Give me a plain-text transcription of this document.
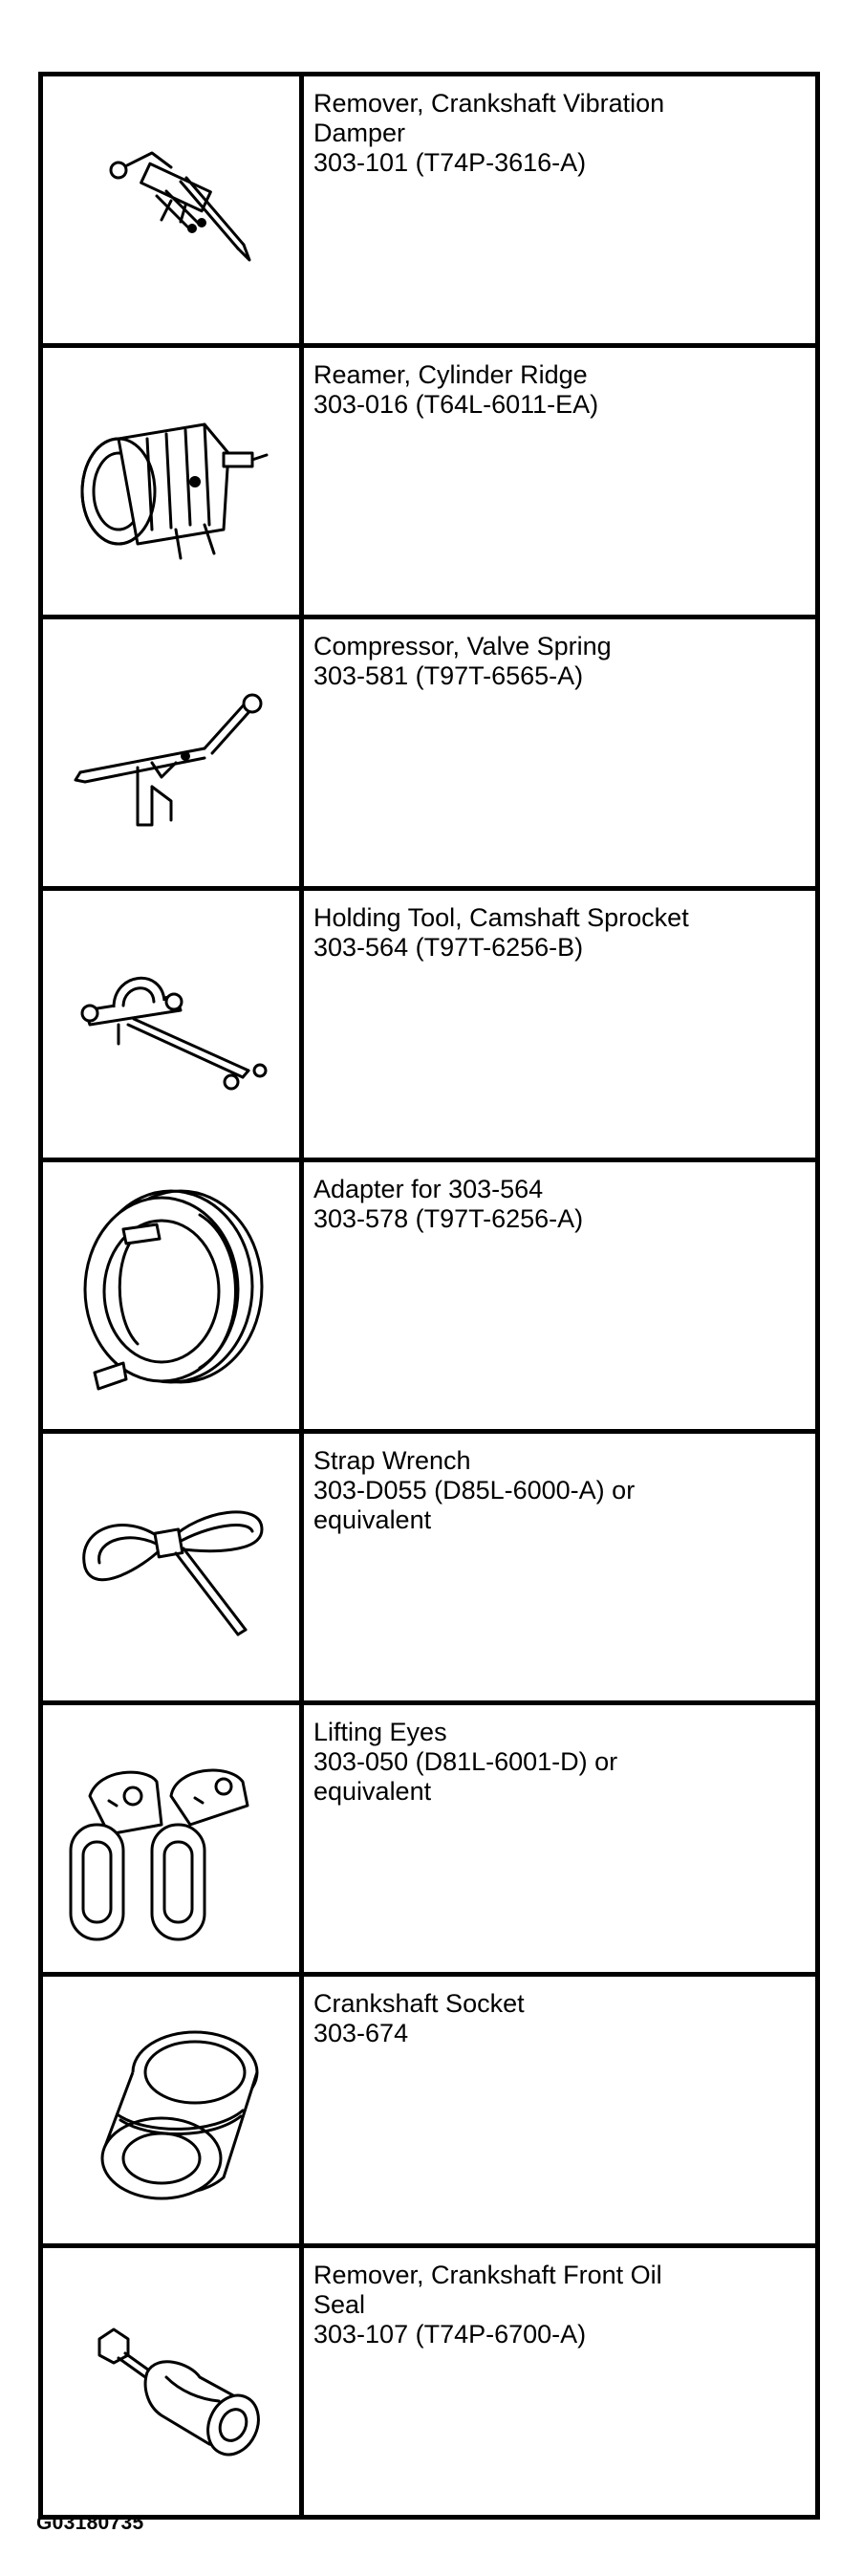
Remover, Crankshaft Vibration
Damper
303-101 (T74P-3616-A)

Reamer, Cylinder Ridge
303-016 (T64L-6011-EA)

Compressor, Valve Spring
303-581 (T97T-6565-A)

Holding Tool, Camshaft Sprocket
303-564 (T97T-6256-B)

Adapter for 303-564
303-578 (T97T-6256-A)

Strap Wrench
303-D055 (D85L-6000-A) or
equivalent

Lifting Eyes
303-050 (D81L-6001-D) or
equivalent

Crankshaft Socket
303-674

Remover, Crankshaft Front Oil
Seal
303-107 (T74P-6700-A)
G03180735
